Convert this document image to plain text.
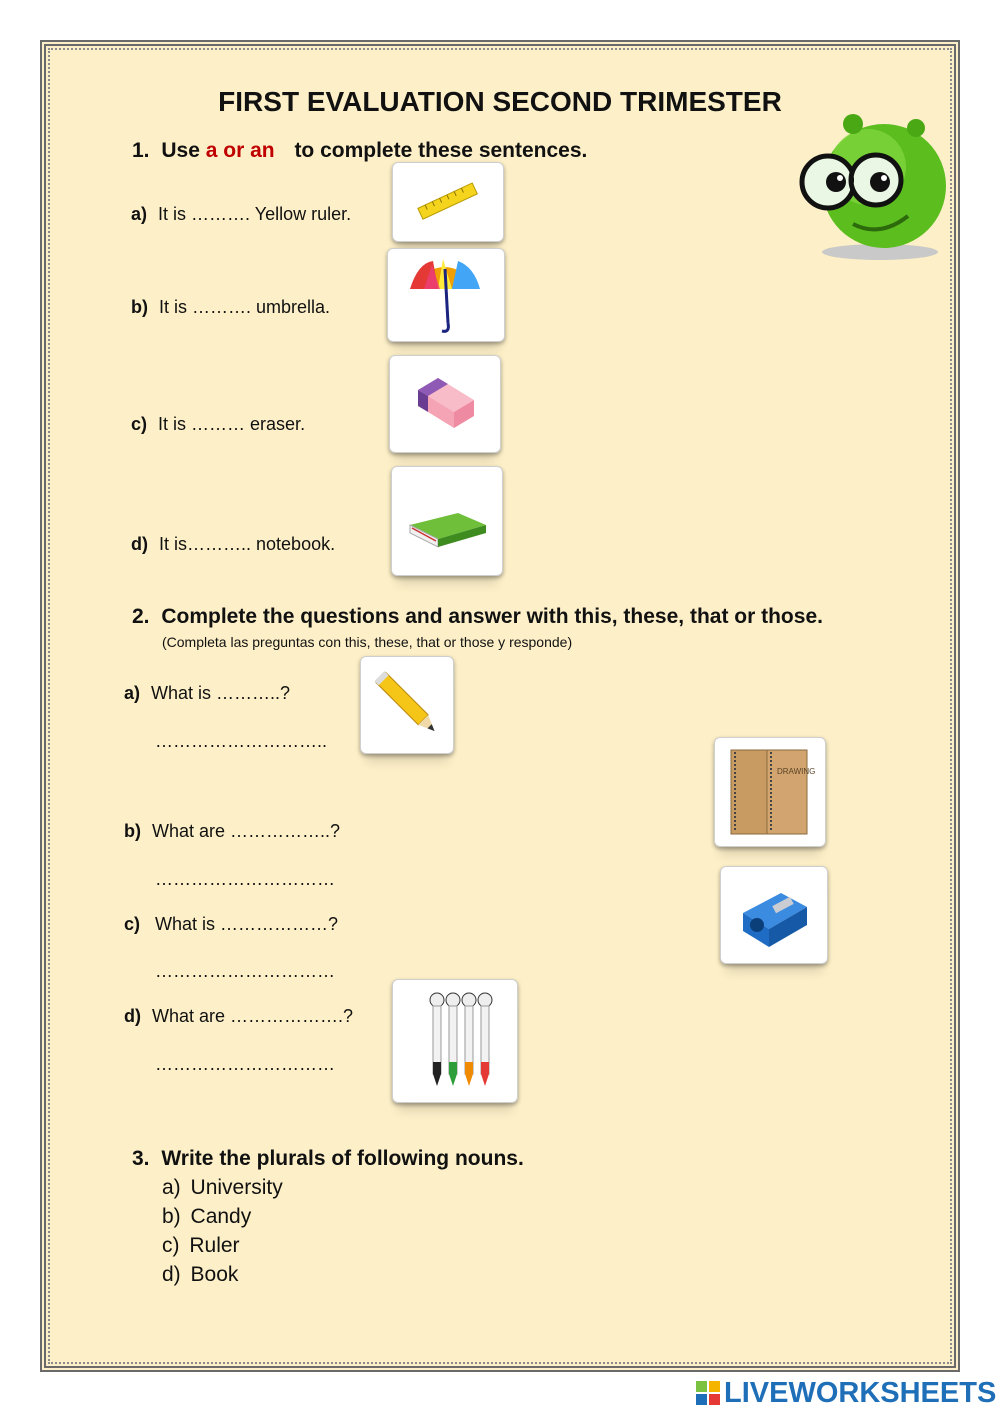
FIRST EVALUATION SECOND TRIMESTER
1. Use a or an to complete these sentences.
a) It is ………. Yellow ruler.
b) It is ………. umbrella.
c) It is ……… eraser.
d) It is……….. notebook.
2. Complete the questions and answer with this, these, that or those.
(Completa las preguntas con this, these, that or those y responde)
a) What is ………..?
………………………..
b) What are ……………..?
…………………………
c) What is ………………?
…………………………
d) What are ……………….?
…………………………
DRAWING
3. Write the plurals of following nouns.
a) University
b) Candy
c) Ruler
d) Book
LIVEWORKSHEETS
